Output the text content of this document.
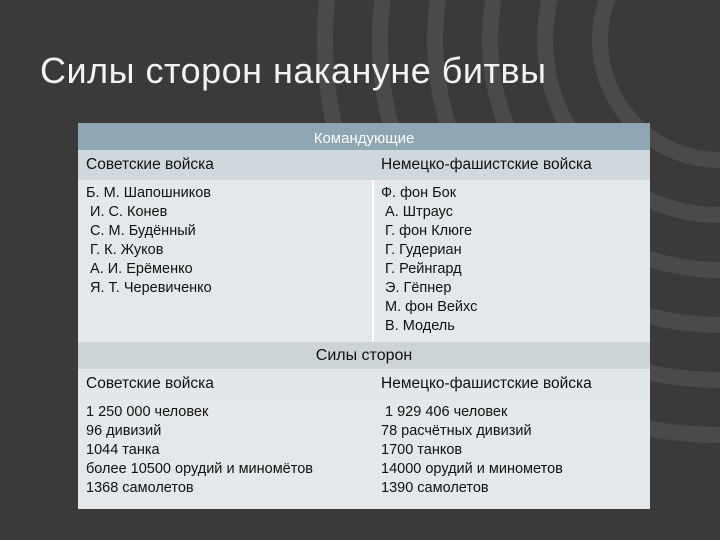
Силы сторон накануне битвы
Командующие
Советские войска	Немецко-фашистские войска
Б. М. Шапошников
И. С. Конев
С. М. Будённый
Г. К. Жуков
А. И. Ерёменко
Я. Т. Черевиченко
Ф. фон Бок
А. Штраус
Г. фон Клюге
Г. Гудериан
Г. Рейнгард
Э. Гёпнер
М. фон Вейхс
В. Модель
Силы сторон
Советские войска	Немецко-фашистские войска
1 250 000 человек
96 дивизий
1044 танка
более 10500 орудий и миномётов
1368 самолетов
1 929 406 человек
78 расчётных дивизий
1700 танков
14000 орудий и минометов
1390 самолетов
